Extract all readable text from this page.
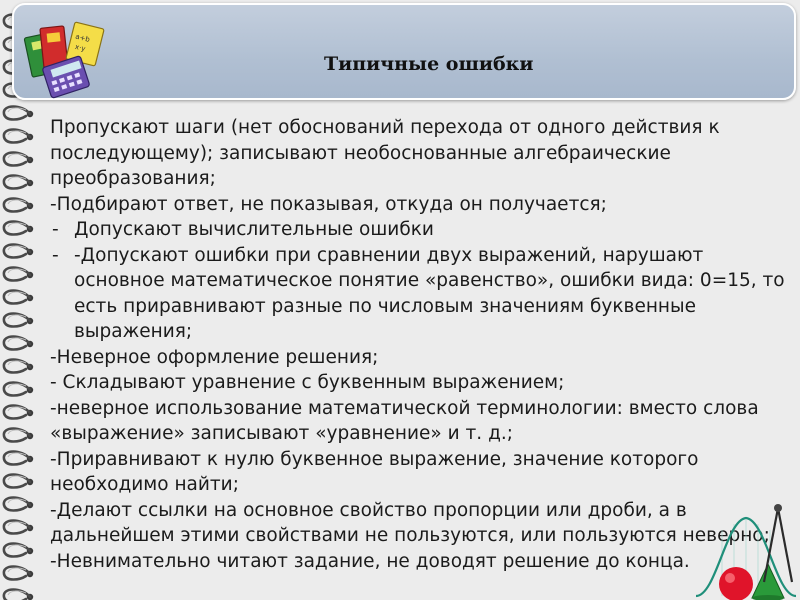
a+b
x·y
Типичные ошибки
Пропускают шаги (нет обоснований перехода от одного действия к
последующему); записывают необоснованные алгебраические
преобразования;
-Подбирают ответ, не показывая, откуда он получается;
- Допускают вычислительные ошибки
- -Допускают ошибки при сравнении двух выражений, нарушают
основное математическое понятие «равенство», ошибки вида: 0=15, то
есть приравнивают разные по числовым значениям буквенные
выражения;
-Неверное оформление решения;
- Складывают уравнение с буквенным выражением;
-неверное использование математической терминологии: вместо слова
«выражение» записывают «уравнение» и т. д.;
-Приравнивают к нулю буквенное выражение, значение которого
необходимо найти;
-Делают ссылки на основное свойство пропорции или дроби, а в
дальнейшем этими свойствами не пользуются, или пользуются неверно;
-Невнимательно читают задание, не доводят решение до конца.
